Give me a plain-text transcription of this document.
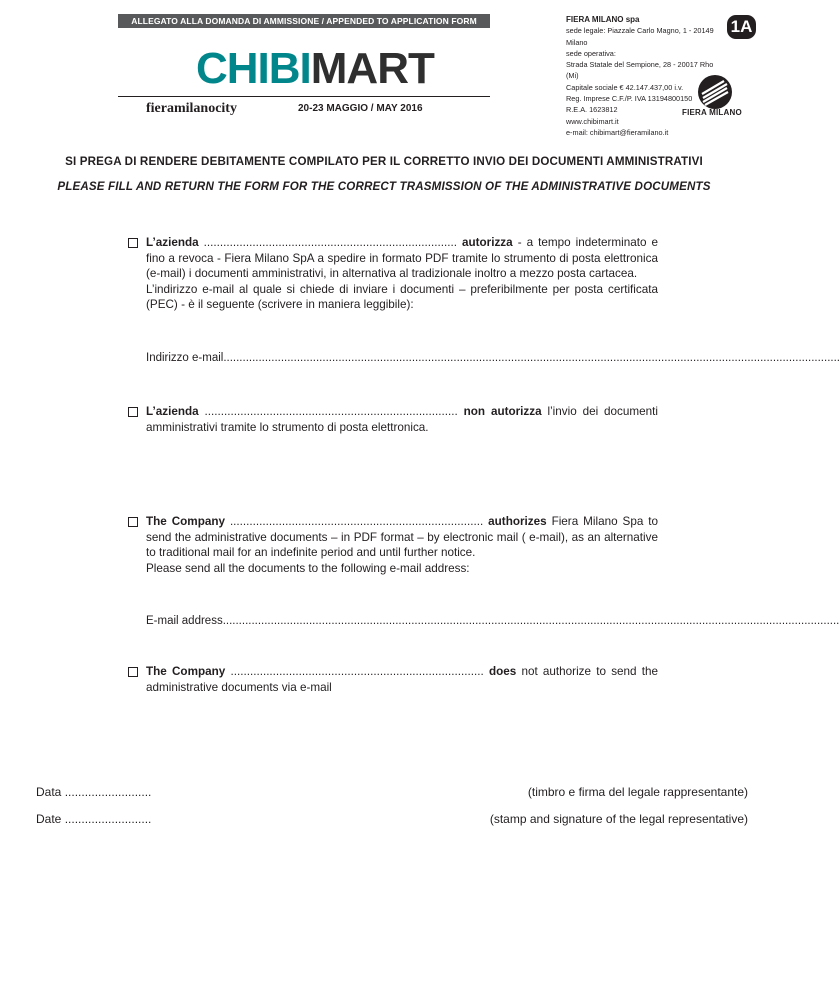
ALLEGATO ALLA DOMANDA DI AMMISSIONE / APPENDED TO APPLICATION FORM
CHIBIMART
fieramilanocity	20-23 MAGGIO / MAY 2016
FIERA MILANO spa
sede legale: Piazzale Carlo Magno, 1 - 20149 Milano
sede operativa:
Strada Statale del Sempione, 28 - 20017 Rho (Mi)
Capitale sociale € 42.147.437,00 i.v.
Reg. Imprese C.F./P. IVA 13194800150
R.E.A. 1623812
www.chibimart.it
e-mail: chibimart@fieramilano.it
1A
FIERA MILANO
SI PREGA DI RENDERE DEBITAMENTE COMPILATO PER IL CORRETTO INVIO DEI DOCUMENTI AMMINISTRATIVI
PLEASE FILL AND RETURN THE FORM FOR THE CORRECT TRASMISSION OF THE ADMINISTRATIVE DOCUMENTS
L’azienda .............................................................................. autorizza - a tempo indeterminato e fino a revoca - Fiera Milano SpA a spedire in formato PDF tramite lo strumento di posta elettronica (e-mail) i documenti amministrativi, in alternativa al tradizionale inoltro a mezzo posta cartacea.
L’indirizzo e-mail al quale si chiede di inviare i documenti – preferibilmente per posta certificata (PEC) - è il seguente (scrivere in maniera leggibile):
Indirizzo e-mail.................................................................................................................................................................................................
L’azienda .............................................................................. non autorizza l’invio dei documenti amministrativi tramite lo strumento di posta elettronica.
The Company .............................................................................. authorizes Fiera Milano Spa to send the administrative documents – in PDF format – by electronic mail ( e-mail), as an alternative to traditional mail for an indefinite period and until further notice.
Please send all the documents to the following e-mail address:
E-mail address.................................................................................................................................................................................................
The Company .............................................................................. does not authorize to send the administrative documents via e-mail
Data ..........................
Date ..........................
(timbro e firma del legale rappresentante)
(stamp and signature of the legal representative)
